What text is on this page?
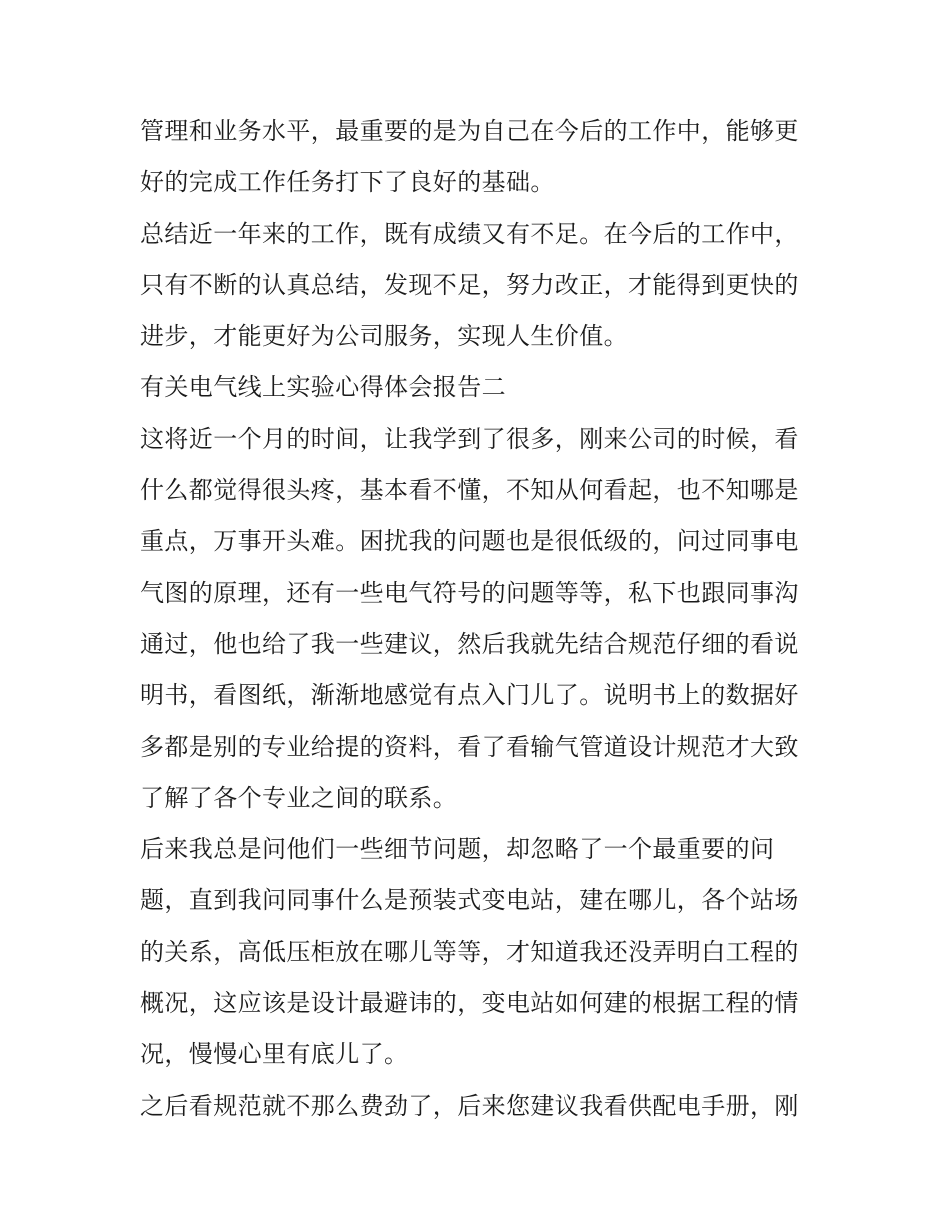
管理和业务水平，最重要的是为自己在今后的工作中，能够更
好的完成工作任务打下了良好的基础。
总结近一年来的工作，既有成绩又有不足。在今后的工作中，
只有不断的认真总结，发现不足，努力改正，才能得到更快的
进步，才能更好为公司服务，实现人生价值。
有关电气线上实验心得体会报告二
这将近一个月的时间，让我学到了很多，刚来公司的时候，看
什么都觉得很头疼，基本看不懂，不知从何看起，也不知哪是
重点，万事开头难。困扰我的问题也是很低级的，问过同事电
气图的原理，还有一些电气符号的问题等等，私下也跟同事沟
通过，他也给了我一些建议，然后我就先结合规范仔细的看说
明书，看图纸，渐渐地感觉有点入门儿了。说明书上的数据好
多都是别的专业给提的资料，看了看输气管道设计规范才大致
了解了各个专业之间的联系。
后来我总是问他们一些细节问题，却忽略了一个最重要的问
题，直到我问同事什么是预装式变电站，建在哪儿，各个站场
的关系，高低压柜放在哪儿等等，才知道我还没弄明白工程的
概况，这应该是设计最避讳的，变电站如何建的根据工程的情
况，慢慢心里有底儿了。
之后看规范就不那么费劲了，后来您建议我看供配电手册，刚
